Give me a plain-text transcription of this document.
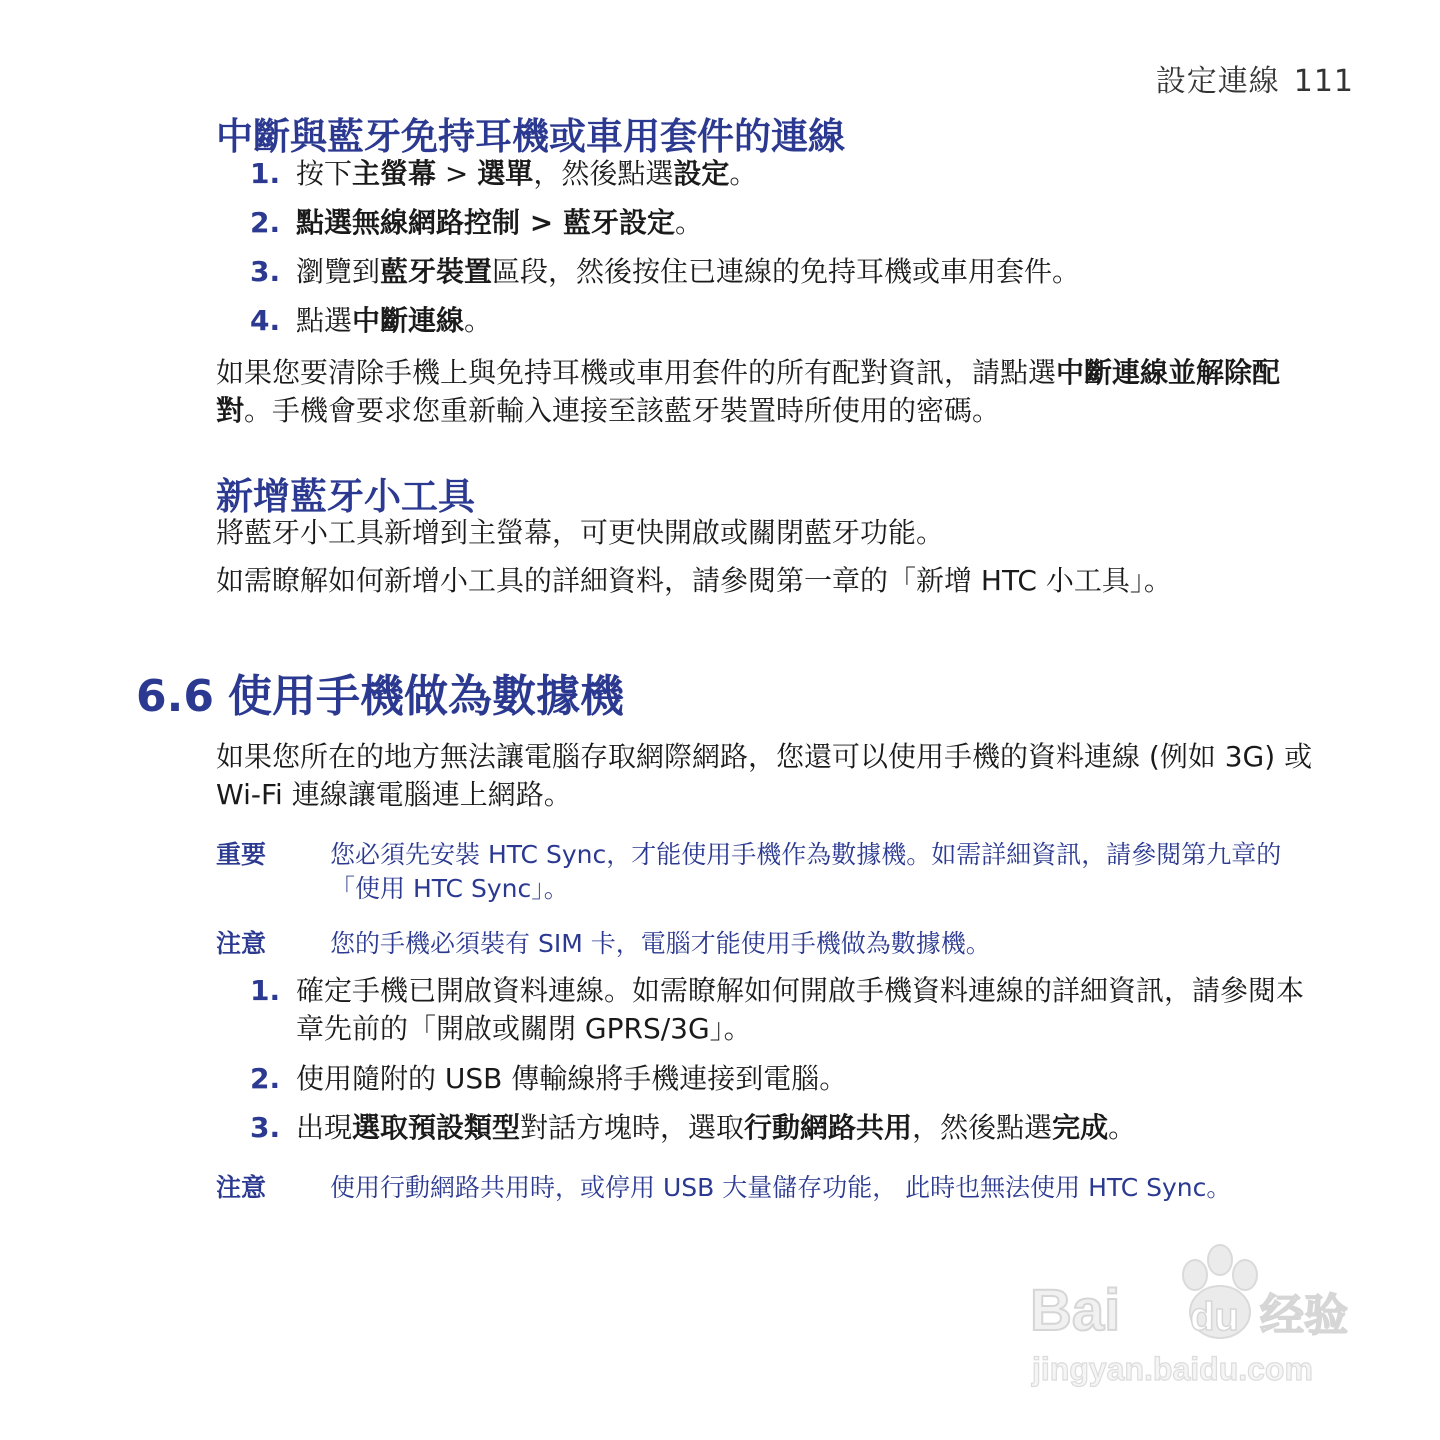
設定連線 111
中斷與藍牙免持耳機或車用套件的連線
1. 按下主螢幕 > 選單，然後點選設定。
2. 點選無線網路控制 > 藍牙設定。
3. 瀏覽到藍牙裝置區段，然後按住已連線的免持耳機或車用套件。
4. 點選中斷連線。
如果您要清除手機上與免持耳機或車用套件的所有配對資訊，請點選中斷連線並解除配對。手機會要求您重新輸入連接至該藍牙裝置時所使用的密碼。
新增藍牙小工具
將藍牙小工具新增到主螢幕，可更快開啟或關閉藍牙功能。
如需瞭解如何新增小工具的詳細資料，請參閱第一章的「新增 HTC 小工具」。
6.6 使用手機做為數據機
如果您所在的地方無法讓電腦存取網際網路，您還可以使用手機的資料連線 (例如 3G) 或 Wi-Fi 連線讓電腦連上網路。
重要	您必須先安裝 HTC Sync，才能使用手機作為數據機。如需詳細資訊，請參閱第九章的「使用 HTC Sync」。
注意	您的手機必須裝有 SIM 卡，電腦才能使用手機做為數據機。
1. 確定手機已開啟資料連線。如需瞭解如何開啟手機資料連線的詳細資訊，請參閱本章先前的「開啟或關閉 GPRS/3G」。
2. 使用隨附的 USB 傳輸線將手機連接到電腦。
3. 出現選取預設類型對話方塊時，選取行動網路共用，然後點選完成。
注意	使用行動網路共用時，或停用 USB 大量儲存功能， 此時也無法使用 HTC Sync。
Bai du 经验
jingyan.baidu.com
